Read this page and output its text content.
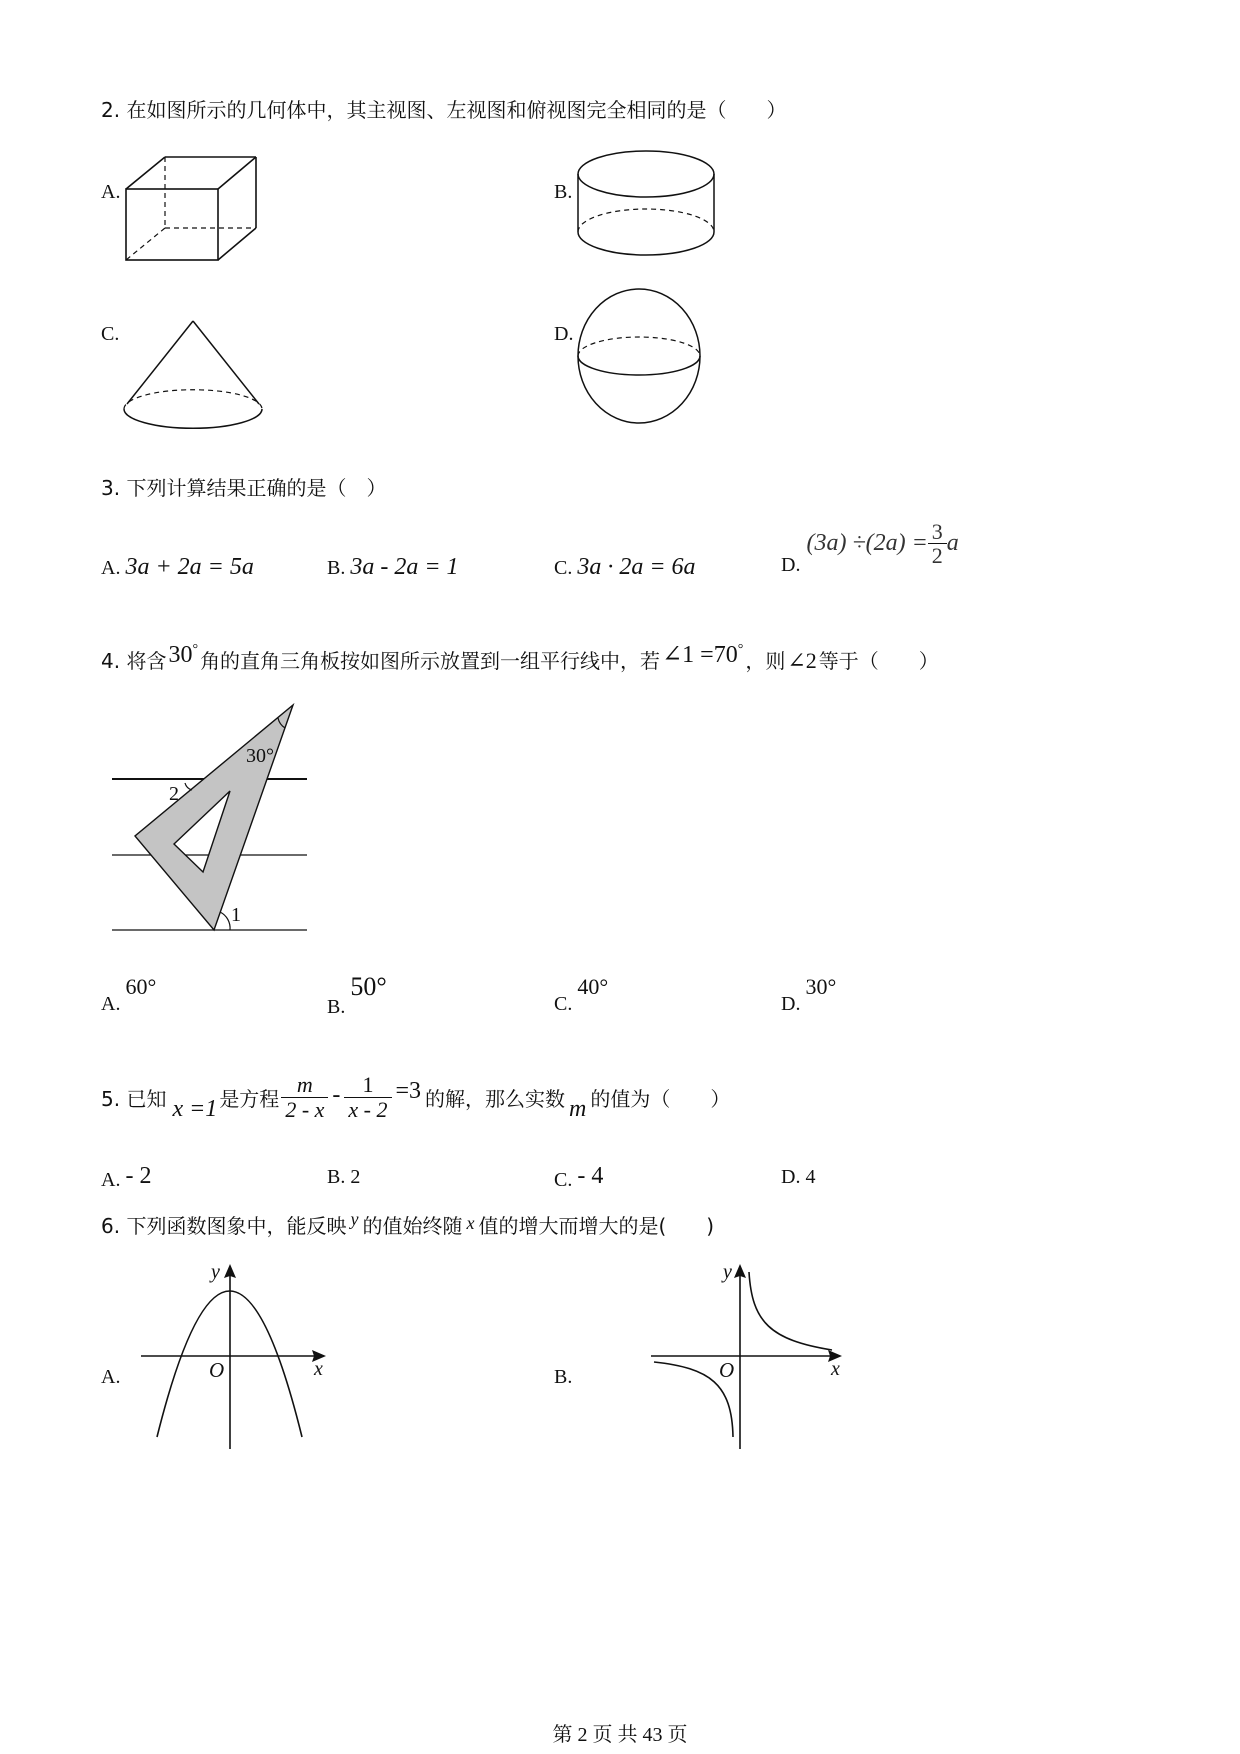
2. 在如图所示的几何体中，其主视图、左视图和俯视图完全相同的是（　　）
A.	B.
C.	D.
3. 下列计算结果正确的是（　）
A. 3a + 2a = 5a	B. 3a - 2a = 1	C. 3a · 2a = 6a	D.
$(3a) \div(2a) = \frac{3}{2}$ a
4. 将含 30° 角的直角三角板按如图所示放置到一组平行线中，若 ∠1 =70° ，则 ∠2 等于（　　）
30°
2
1
A. 60°
B. 50°
C. 40°
D. 30°
5. 已知 x =1 是方程 $\frac{m}{2 - x} - \frac{1}{x - 2} =3$ 的解，那么实数 m 的值为（　　）
A. - 2	B. 2	C. - 4	D. 4
6. 下列函数图象中，能反映 y 的值始终随 x 值的增大而增大的是(　　)
A.
y
x
O	B.
y
x
O
第 2 页 共 43 页
